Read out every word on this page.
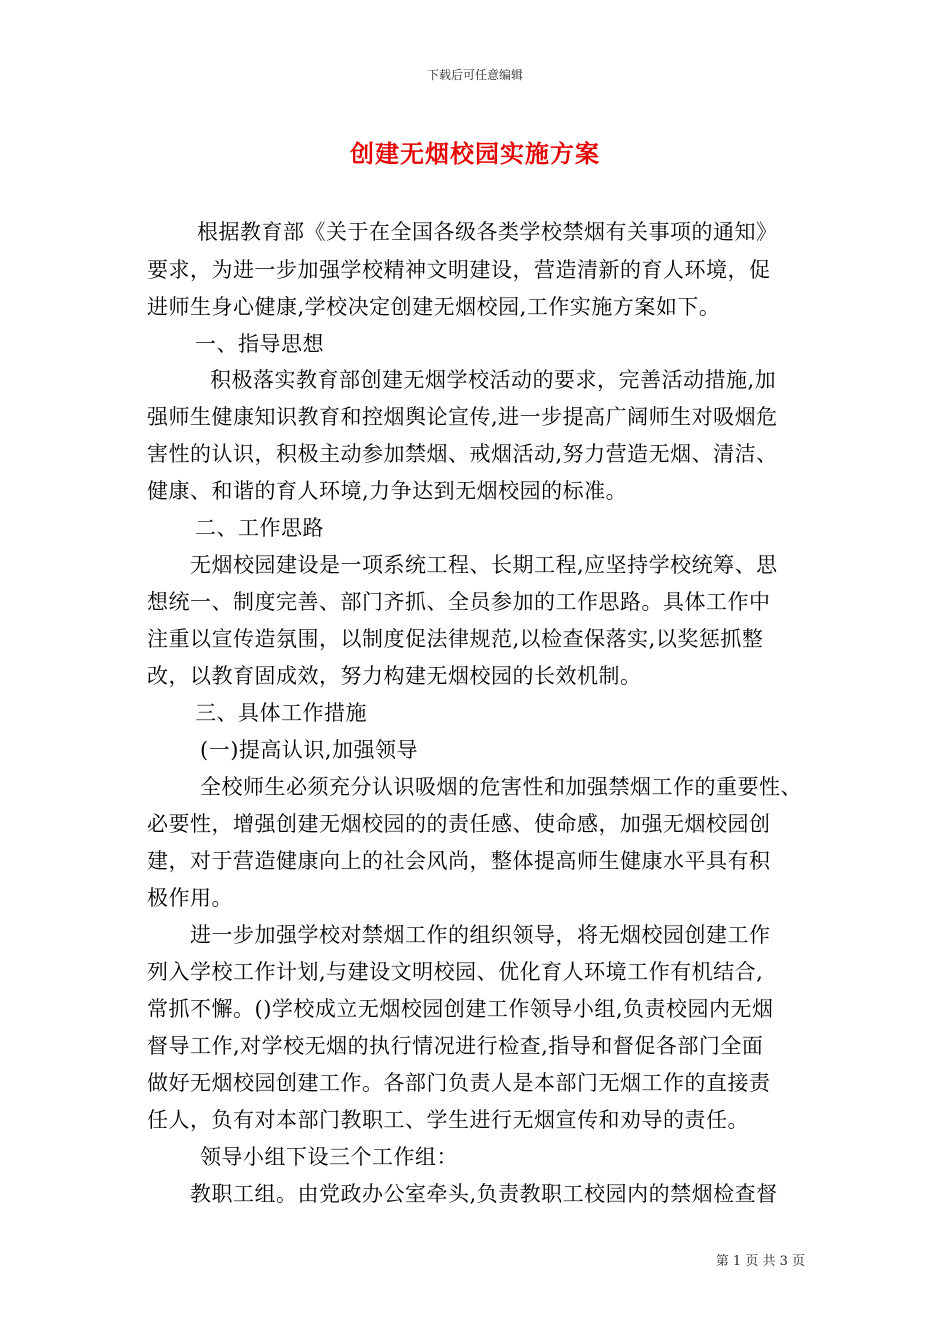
下载后可任意编辑
创建无烟校园实施方案
根据教育部《关于在全国各级各类学校禁烟有关事项的通知》
要求，为进一步加强学校精神文明建设，营造清新的育人环境，促
进师生身心健康,学校决定创建无烟校园,工作实施方案如下。
一、指导思想
积极落实教育部创建无烟学校活动的要求，完善活动措施,加
强师生健康知识教育和控烟舆论宣传,进一步提高广阔师生对吸烟危
害性的认识，积极主动参加禁烟、戒烟活动,努力营造无烟、清洁、
健康、和谐的育人环境,力争达到无烟校园的标准。
二、工作思路
无烟校园建设是一项系统工程、长期工程,应坚持学校统筹、思
想统一、制度完善、部门齐抓、全员参加的工作思路。具体工作中
注重以宣传造氛围，以制度促法律规范,以检查保落实,以奖惩抓整
改，以教育固成效，努力构建无烟校园的长效机制。
三、具体工作措施
(一)提高认识,加强领导
全校师生必须充分认识吸烟的危害性和加强禁烟工作的重要性、
必要性，增强创建无烟校园的的责任感、使命感，加强无烟校园创
建，对于营造健康向上的社会风尚，整体提高师生健康水平具有积
极作用。
进一步加强学校对禁烟工作的组织领导，将无烟校园创建工作
列入学校工作计划,与建设文明校园、优化育人环境工作有机结合,
常抓不懈。()学校成立无烟校园创建工作领导小组,负责校园内无烟
督导工作,对学校无烟的执行情况进行检查,指导和督促各部门全面
做好无烟校园创建工作。各部门负责人是本部门无烟工作的直接责
任人，负有对本部门教职工、学生进行无烟宣传和劝导的责任。
领导小组下设三个工作组：
教职工组。由党政办公室牵头,负责教职工校园内的禁烟检查督
第 1 页 共 3 页
